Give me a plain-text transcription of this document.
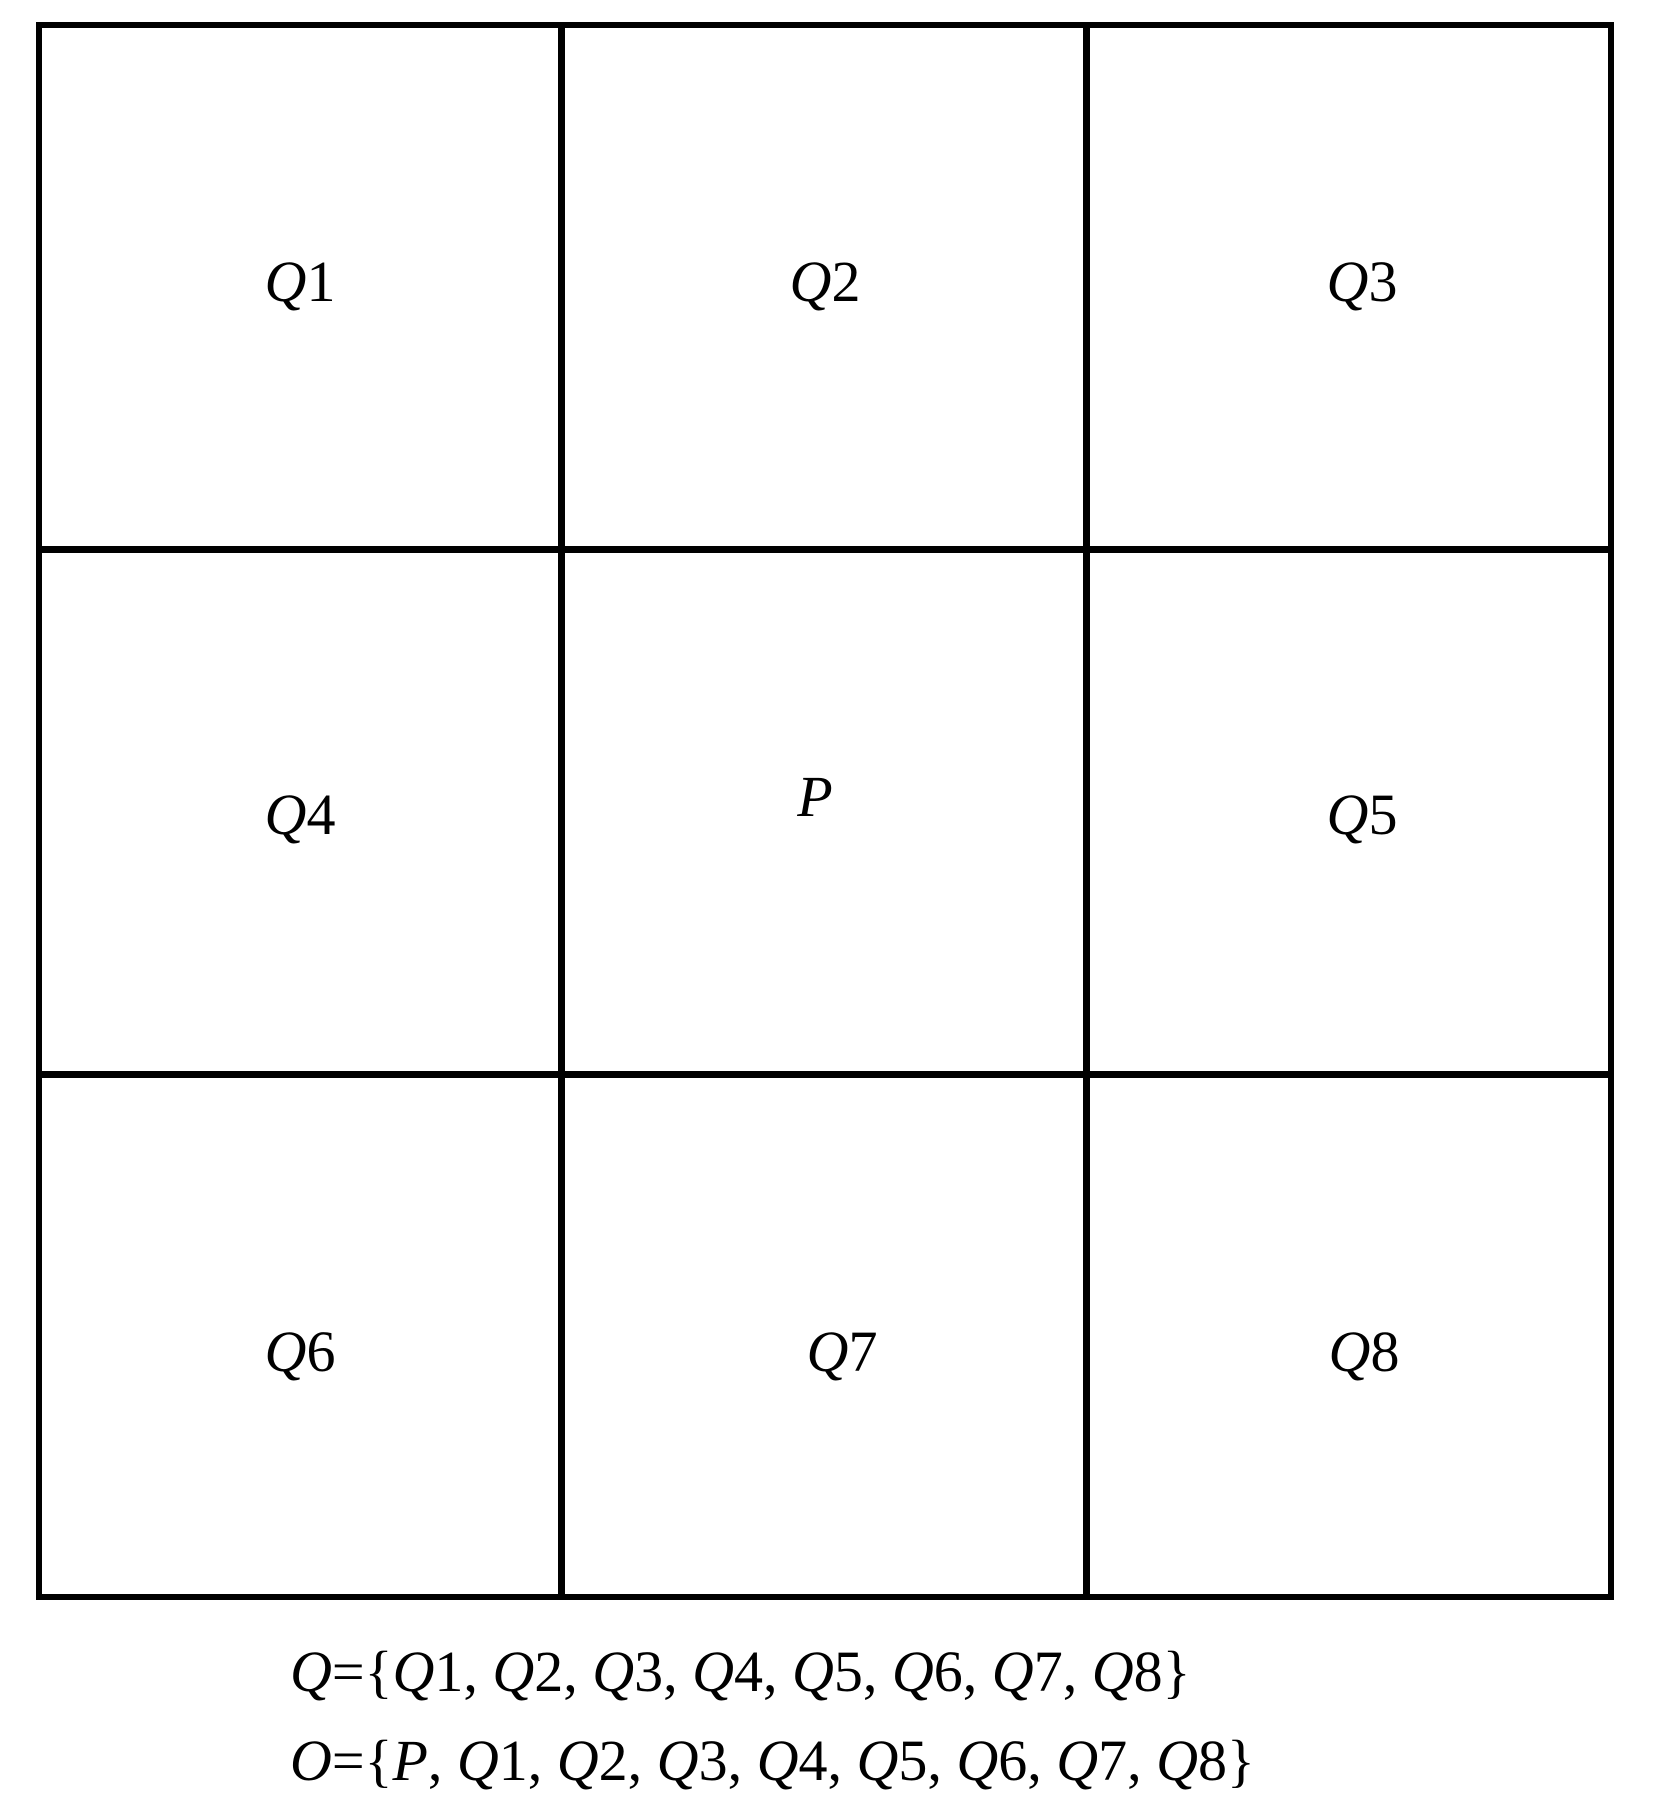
Q1	Q2	Q3
Q4	P	Q5
Q6	Q7	Q8
Q={Q1, Q2, Q3, Q4, Q5, Q6, Q7, Q8}
O={P, Q1, Q2, Q3, Q4, Q5, Q6, Q7, Q8}
